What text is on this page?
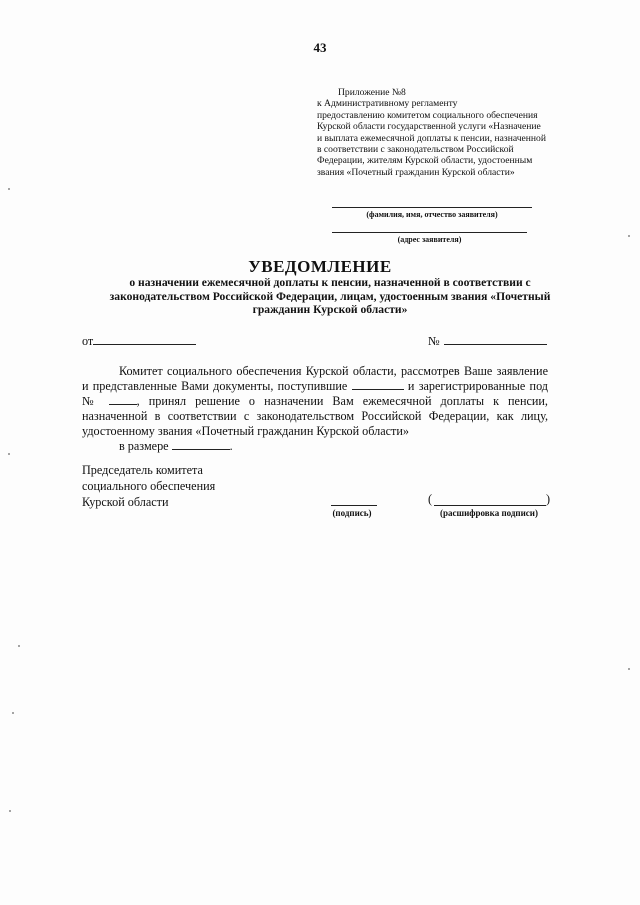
43
Приложение №8
к Административному регламенту
предоставлению комитетом социального обеспечения
Курской области государственной услуги «Назначение
и выплата ежемесячной доплаты к пенсии, назначенной
в соответствии с законодательством Российской
Федерации, жителям Курской области, удостоенным
звания «Почетный гражданин Курской области»
(фамилия, имя, отчество заявителя)
(адрес заявителя)
УВЕДОМЛЕНИЕ
о назначении ежемесячной доплаты к пенсии, назначенной в соответствии с законодательством Российской Федерации, лицам, удостоенным звания «Почетный гражданин Курской области»
от	№

Комитет социального обеспечения Курской области, рассмотрев Ваше заявление и представленные Вами документы, поступившие	и зарегистрированные под №	, принял решение о назначении Вам ежемесячной доплаты к пенсии, назначенной в соответствии с законодательством Российской Федерации, как лицу, удостоенному звания «Почетный гражданин Курской области»

в размере	.
Председатель комитета
социального обеспечения
Курской области
(подпись)
(	)
(расшифровка подписи)
